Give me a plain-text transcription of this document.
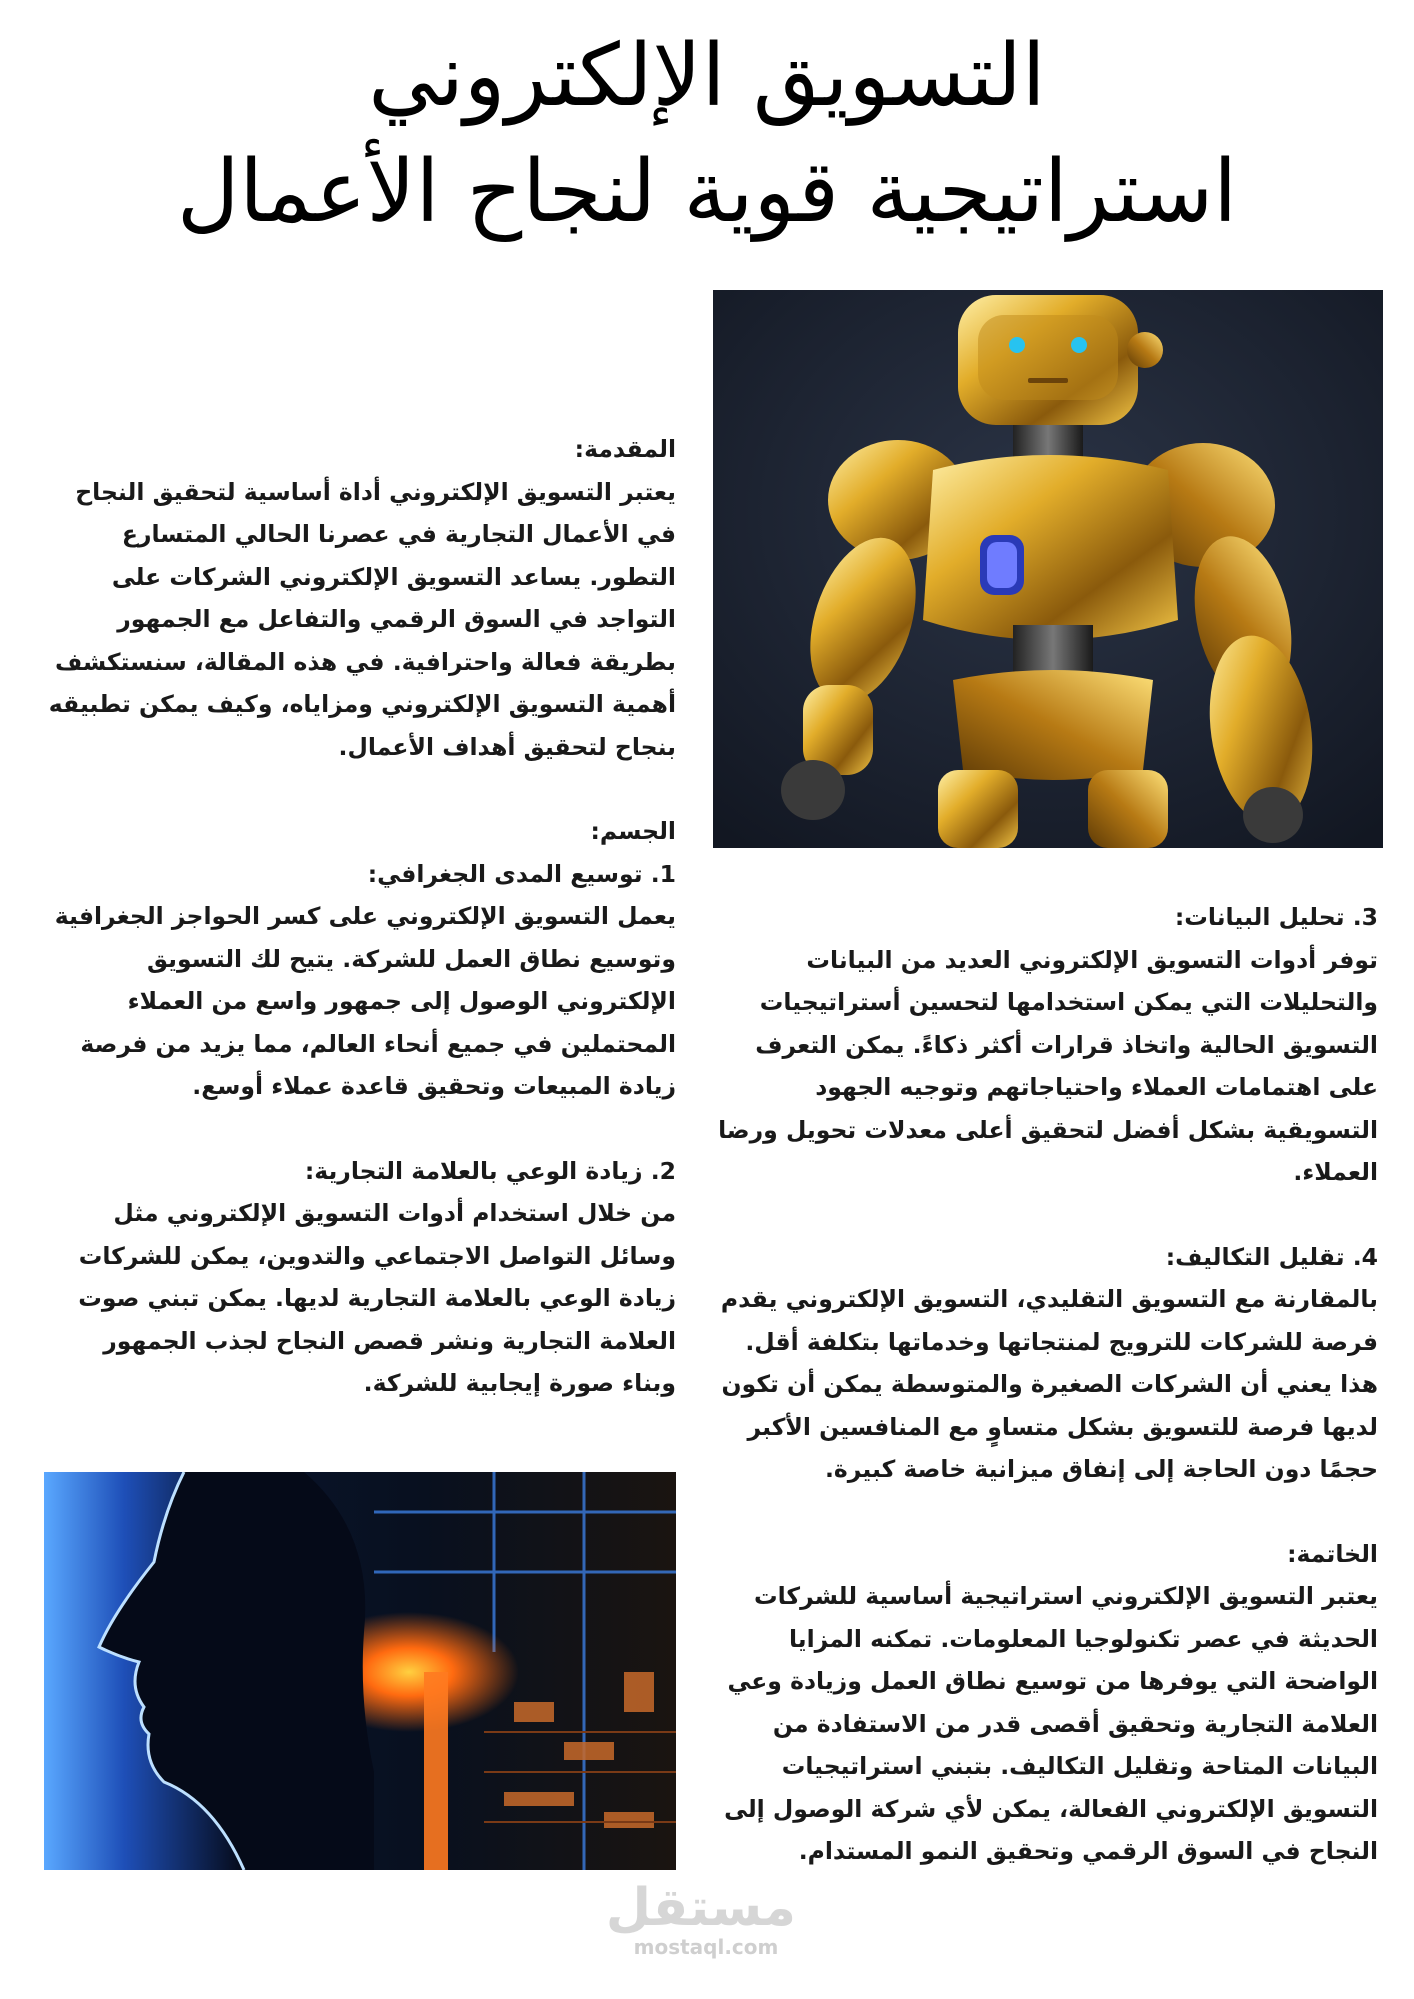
التسويق الإلكتروني
استراتيجية قوية لنجاح الأعمال

المقدمة:

يعتبر التسويق الإلكتروني أداة أساسية لتحقيق النجاح في الأعمال التجارية في عصرنا الحالي المتسارع التطور. يساعد التسويق الإلكتروني الشركات على التواجد في السوق الرقمي والتفاعل مع الجمهور بطريقة فعالة واحترافية. في هذه المقالة، سنستكشف أهمية التسويق الإلكتروني ومزاياه، وكيف يمكن تطبيقه بنجاح لتحقيق أهداف الأعمال.

الجسم:

1. توسيع المدى الجغرافي:

يعمل التسويق الإلكتروني على كسر الحواجز الجغرافية وتوسيع نطاق العمل للشركة. يتيح لك التسويق الإلكتروني الوصول إلى جمهور واسع من العملاء المحتملين في جميع أنحاء العالم، مما يزيد من فرصة زيادة المبيعات وتحقيق قاعدة عملاء أوسع.

2. زيادة الوعي بالعلامة التجارية:

من خلال استخدام أدوات التسويق الإلكتروني مثل وسائل التواصل الاجتماعي والتدوين، يمكن للشركات زيادة الوعي بالعلامة التجارية لديها. يمكن تبني صوت العلامة التجارية ونشر قصص النجاح لجذب الجمهور وبناء صورة إيجابية للشركة.

3. تحليل البيانات:

توفر أدوات التسويق الإلكتروني العديد من البيانات والتحليلات التي يمكن استخدامها لتحسين أستراتيجيات التسويق الحالية واتخاذ قرارات أكثر ذكاءً. يمكن التعرف على اهتمامات العملاء واحتياجاتهم وتوجيه الجهود التسويقية بشكل أفضل لتحقيق أعلى معدلات تحويل ورضا العملاء.

4. تقليل التكاليف:

بالمقارنة مع التسويق التقليدي، التسويق الإلكتروني يقدم فرصة للشركات للترويج لمنتجاتها وخدماتها بتكلفة أقل. هذا يعني أن الشركات الصغيرة والمتوسطة يمكن أن تكون لديها فرصة للتسويق بشكل متساوٍ مع المنافسين الأكبر حجمًا دون الحاجة إلى إنفاق ميزانية خاصة كبيرة.

الخاتمة:

يعتبر التسويق الإلكتروني استراتيجية أساسية للشركات الحديثة في عصر تكنولوجيا المعلومات. تمكنه المزايا الواضحة التي يوفرها من توسيع نطاق العمل وزيادة وعي العلامة التجارية وتحقيق أقصى قدر من الاستفادة من البيانات المتاحة وتقليل التكاليف. بتبني استراتيجيات التسويق الإلكتروني الفعالة، يمكن لأي شركة الوصول إلى النجاح في السوق الرقمي وتحقيق النمو المستدام.

مستقل
mostaql.com
